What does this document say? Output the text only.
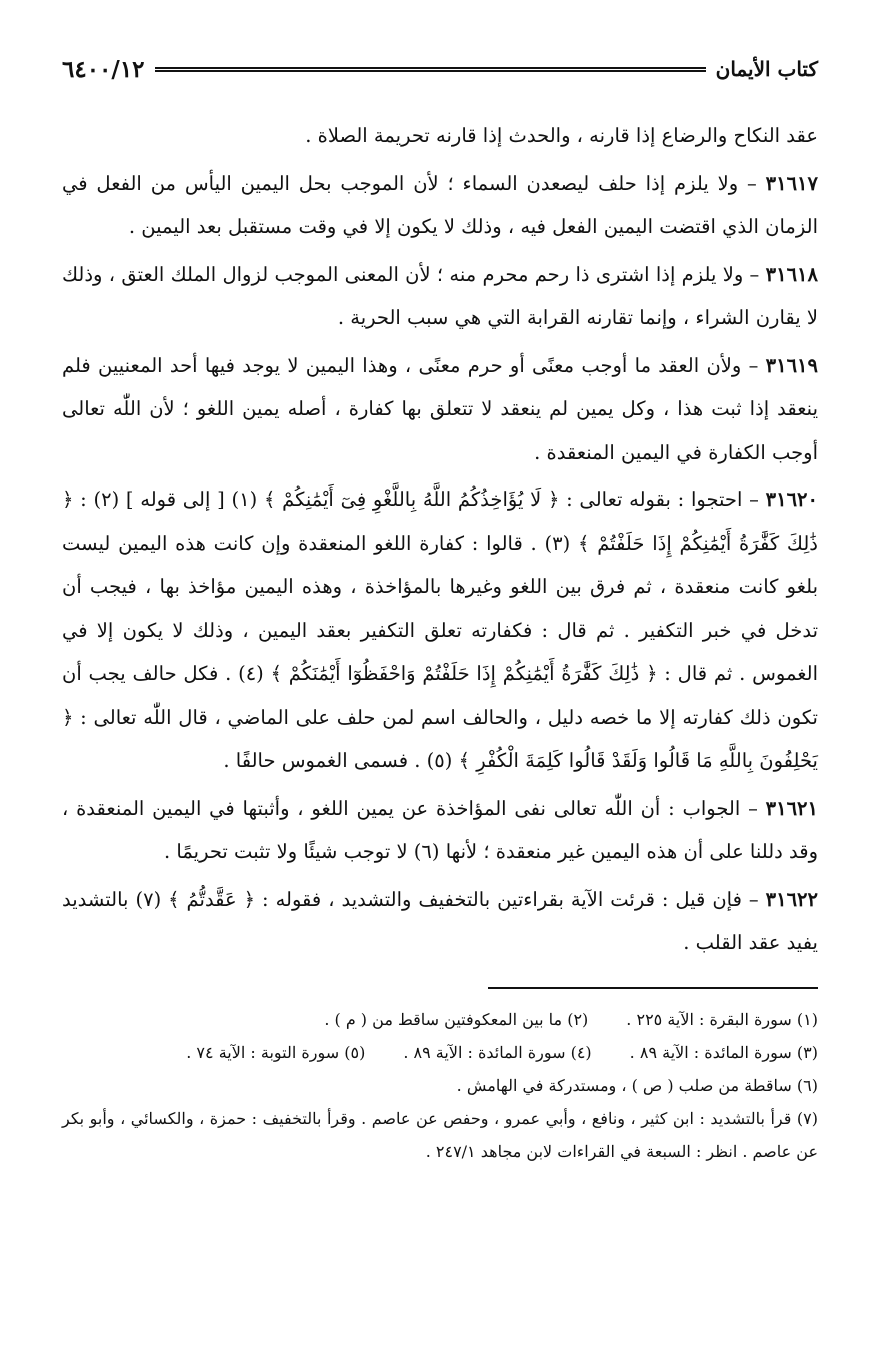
كتاب الأيمان
٦٤٠٠/١٢

عقد النكاح والرضاع إذا قارنه ، والحدث إذا قارنه تحريمة الصلاة .

٣١٦١٧ – ولا يلزم إذا حلف ليصعدن السماء ؛ لأن الموجب بحل اليمين اليأس من الفعل في الزمان الذي اقتضت اليمين الفعل فيه ، وذلك لا يكون إلا في وقت مستقبل بعد اليمين .

٣١٦١٨ – ولا يلزم إذا اشترى ذا رحم محرم منه ؛ لأن المعنى الموجب لزوال الملك العتق ، وذلك لا يقارن الشراء ، وإنما تقارنه القرابة التي هي سبب الحرية .

٣١٦١٩ – ولأن العقد ما أوجب معنًى أو حرم معنًى ، وهذا اليمين لا يوجد فيها أحد المعنيين فلم ينعقد إذا ثبت هذا ، وكل يمين لم ينعقد لا تتعلق بها كفارة ، أصله يمين اللغو ؛ لأن اللّٰه تعالى أوجب الكفارة في اليمين المنعقدة .

٣١٦٢٠ – احتجوا : بقوله تعالى : ﴿ لَا يُؤَاخِذُكُمُ اللَّهُ بِاللَّغْوِ فِىٓ أَيْمَٰنِكُمْ ﴾ (١) [ إلى قوله ] (٢) : ﴿ ذَٰلِكَ كَفَّٰرَةُ أَيْمَٰنِكُمْ إِذَا حَلَفْتُمْ ﴾ (٣) . قالوا : كفارة اللغو المنعقدة وإن كانت هذه اليمين ليست بلغو كانت منعقدة ، ثم فرق بين اللغو وغيرها بالمؤاخذة ، وهذه اليمين مؤاخذ بها ، فيجب أن تدخل في خبر التكفير . ثم قال : فكفارته تعلق التكفير بعقد اليمين ، وذلك لا يكون إلا في الغموس . ثم قال : ﴿ ذَٰلِكَ كَفَّٰرَةُ أَيْمَٰنِكُمْ إِذَا حَلَفْتُمْ وَاحْفَظُوٓا أَيْمَٰنَكُمْ ﴾ (٤) . فكل حالف يجب أن تكون ذلك كفارته إلا ما خصه دليل ، والحالف اسم لمن حلف على الماضي ، قال اللّٰه تعالى : ﴿ يَحْلِفُونَ بِاللَّهِ مَا قَالُوا وَلَقَدْ قَالُوا كَلِمَةَ الْكُفْرِ ﴾ (٥) . فسمى الغموس حالفًا .

٣١٦٢١ – الجواب : أن اللّٰه تعالى نفى المؤاخذة عن يمين اللغو ، وأثبتها في اليمين المنعقدة ، وقد دللنا على أن هذه اليمين غير منعقدة ؛ لأنها (٦) لا توجب شيئًا ولا تثبت تحريمًا .

٣١٦٢٢ – فإن قيل : قرئت الآية بقراءتين بالتخفيف والتشديد ، فقوله : ﴿ عَقَّدتُّمُ ﴾ (٧) بالتشديد يفيد عقد القلب .

(١) سورة البقرة : الآية ٢٢٥ .
(٢) ما بين المعكوفتين ساقط من ( م ) .
(٣) سورة المائدة : الآية ٨٩ .
(٤) سورة المائدة : الآية ٨٩ .
(٥) سورة التوبة : الآية ٧٤ .
(٦) ساقطة من صلب ( ص ) ، ومستدركة في الهامش .
(٧) قرأ بالتشديد : ابن كثير ، ونافع ، وأبي عمرو ، وحفص عن عاصم . وقرأ بالتخفيف : حمزة ، والكسائي ، وأبو بكر عن عاصم . انظر : السبعة في القراءات لابن مجاهد ٢٤٧/١ .
